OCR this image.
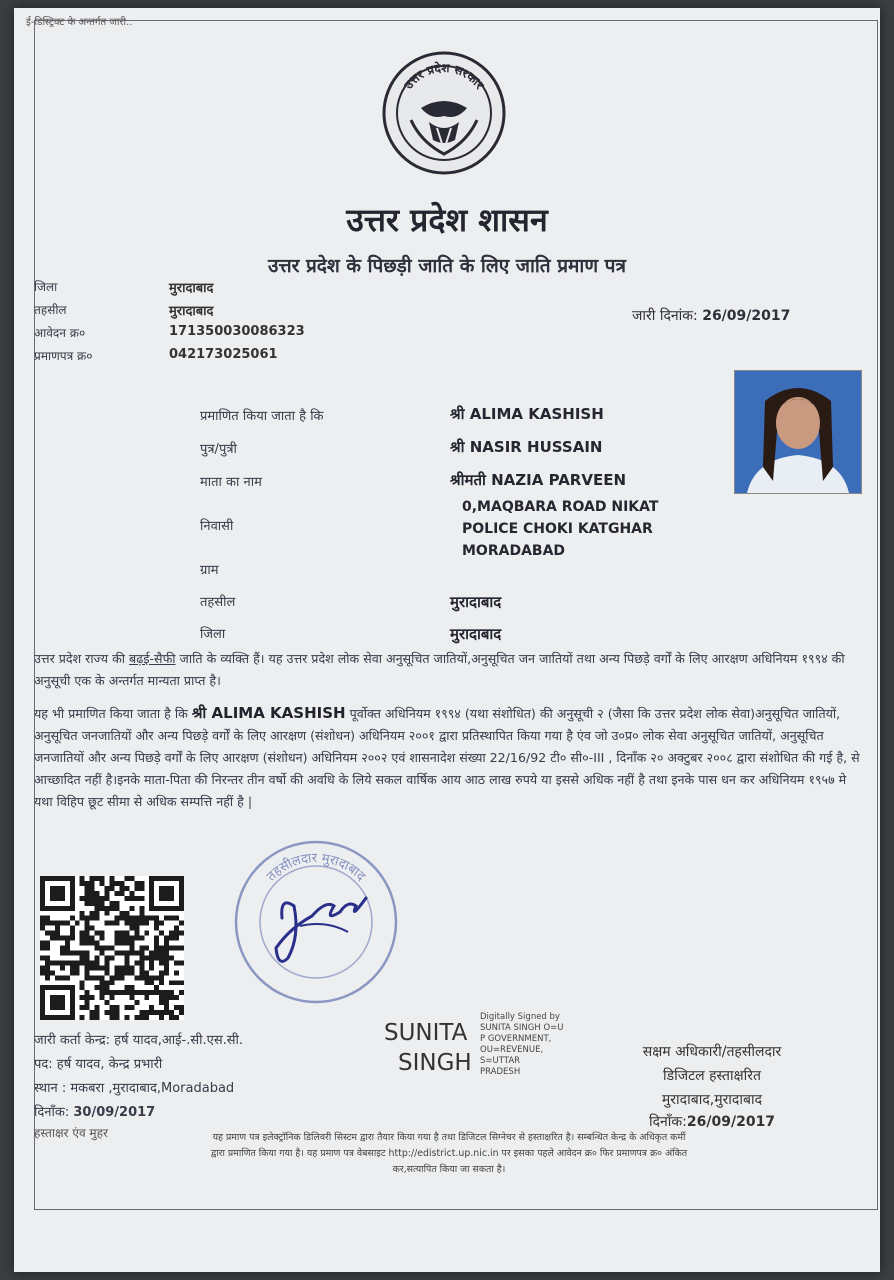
ई-डिस्ट्रिक्ट के अन्तर्गत जारी..
उत्तर प्रदेश सरकार
उत्तर प्रदेश शासन
उत्तर प्रदेश के पिछड़ी जाति के लिए जाति प्रमाण पत्र
जिला	मुरादाबाद
तहसील	मुरादाबाद
आवेदन क्र०	171350030086323
प्रमाणपत्र क्र०	042173025061
जारी दिनांक: 26/09/2017
प्रमाणित किया जाता है कि	श्री ALIMA KASHISH
पुत्र/पुत्री	श्री NASIR HUSSAIN
माता का नाम	श्रीमती NAZIA PARVEEN
निवासी
0,MAQBARA ROAD NIKAT
POLICE CHOKI KATGHAR
MORADABAD
ग्राम
तहसील	मुरादाबाद
जिला	मुरादाबाद
उत्तर प्रदेश राज्य की बढ़ई-सैफी जाति के व्यक्ति हैं। यह उत्तर प्रदेश लोक सेवा अनुसूचित जातियों,अनुसूचित जन जातियों तथा अन्य पिछड़े वर्गों के लिए आरक्षण अधिनियम १९९४ की अनुसूची एक के अन्तर्गत मान्यता प्राप्त है।
यह भी प्रमाणित किया जाता है कि श्री ALIMA KASHISH पूर्वोक्त अधिनियम १९९४ (यथा संशोधित) की अनुसूची २ (जैसा कि उत्तर प्रदेश लोक सेवा)अनुसूचित जातियों, अनुसूचित जनजातियों और अन्य पिछड़े वर्गों के लिए आरक्षण (संशोधन) अधिनियम २००१ द्वारा प्रतिस्थापित किया गया है एंव जो उ०प्र० लोक सेवा अनुसूचित जातियों, अनुसूचित जनजातियों और अन्य पिछड़े वर्गों के लिए आरक्षण (संशोधन) अधिनियम २००२ एवं शासनादेश संख्या 22/16/92 टी० सी०-III , दिनाँक २० अक्टुबर २००८ द्वारा संशोधित की गई है, से आच्छादित नहीं है।इनके माता-पिता की निरन्तर तीन वर्षो की अवधि के लिये सकल वार्षिक आय आठ लाख रुपये या इससे अधिक नहीं है तथा इनके पास धन कर अधिनियम १९५७ मे यथा विहिप छूट सीमा से अधिक सम्पत्ति नहीं है |
तहसीलदार मुरादाबाद
जारी कर्ता केन्द्र: हर्ष यादव,आई-.सी.एस.सी.
पद: हर्ष यादव, केन्द्र प्रभारी
स्थान : मकबरा ,मुरादाबाद,Moradabad
दिनाँक: 30/09/2017
हस्ताक्षर एंव मुहर
SUNITA
SINGH
Digitally Signed by
SUNITA SINGH O=U
P GOVERNMENT,
OU=REVENUE,
S=UTTAR
PRADESH
सक्षम अधिकारी/तहसीलदार
डिजिटल हस्ताक्षरित
मुरादाबाद,मुरादाबाद
दिनाँक:26/09/2017
यह प्रमाण पत्र इलेक्ट्रॉनिक डिलिवरी सिस्टम द्वारा तैयार किया गया है तथा डिजिटल सिग्नेचर से हस्ताक्षरित है। सम्बन्धित केन्द्र के अधिकृत कर्मी
द्वारा प्रमाणित किया गया है। यह प्रमाण पत्र वेबसाइट http://edistrict.up.nic.in पर इसका पहले आवेदन क्र० फिर प्रमाणपत्र क्र० अंकित
कर,सत्यापित किया जा सकता है।
